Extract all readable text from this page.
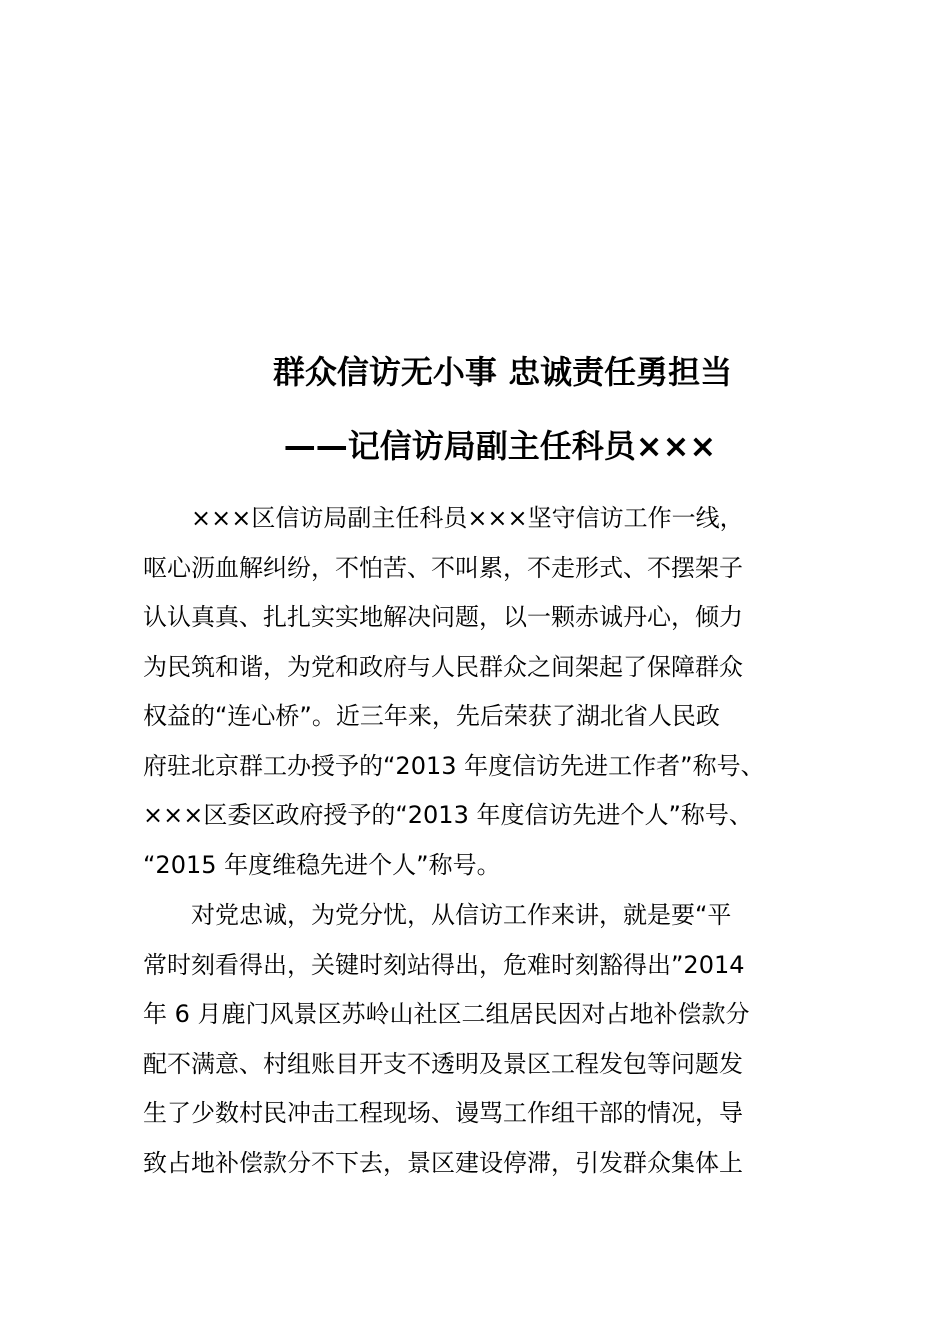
群众信访无小事 忠诚责任勇担当
——记信访局副主任科员×××
×××区信访局副主任科员×××坚守信访工作一线，
呕心沥血解纠纷，不怕苦、不叫累，不走形式、不摆架子
认认真真、扎扎实实地解决问题，以一颗赤诚丹心，倾力
为民筑和谐，为党和政府与人民群众之间架起了保障群众
权益的“连心桥”。近三年来，先后荣获了湖北省人民政
府驻北京群工办授予的“2013 年度信访先进工作者”称号、
×××区委区政府授予的“2013 年度信访先进个人”称号、
“2015 年度维稳先进个人”称号。
对党忠诚，为党分忧，从信访工作来讲，就是要“平
常时刻看得出，关键时刻站得出，危难时刻豁得出”2014
年 6 月鹿门风景区苏岭山社区二组居民因对占地补偿款分
配不满意、村组账目开支不透明及景区工程发包等问题发
生了少数村民冲击工程现场、谩骂工作组干部的情况，导
致占地补偿款分不下去，景区建设停滞，引发群众集体上
